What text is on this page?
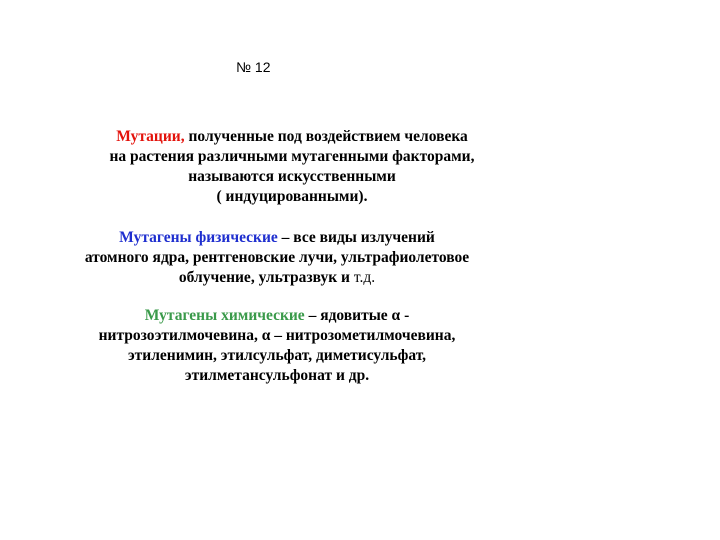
№ 12
Мутации, полученные под воздействием человека
на растения различными мутагенными факторами,
называются искусственными
( индуцированными).
Мутагены физические – все виды излучений
атомного ядра, рентгеновские лучи, ультрафиолетовое
облучение, ультразвук и т.д.
Мутагены химические – ядовитые α -
нитрозоэтилмочевина, α – нитрозометилмочевина,
этиленимин, этилсульфат, диметисульфат,
этилметансульфонат и др.
